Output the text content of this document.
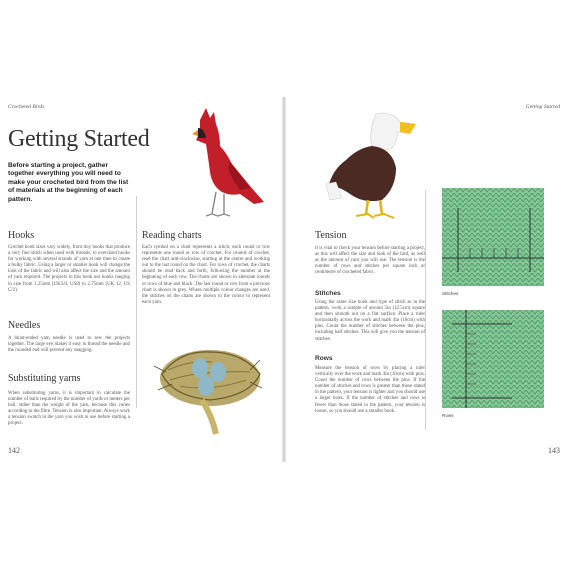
Crocheted Birds
Getting Started

Before starting a project, gather together everything you will need to make your crocheted bird from the list of materials at the beginning of each pattern.

Hooks

Crochet hook sizes vary widely, from tiny hooks that produce a very fine stitch when used with threads, to oversized hooks for working with several strands of yarn at one time to create a bulky fabric. Using a larger or smaller hook will change the look of the fabric and will also affect the size and the amount of yarn required. The projects in this book use hooks ranging in size from 1.25mm (UK3/0, US8) to 2.75mm (UK 12, US C/2).

Needles

A blunt-ended yarn needle is used to sew the projects together. The large eye makes it easy to thread the needle and the rounded end will prevent any snagging.

Substituting yarns

When substituting yarns, it is important to calculate the number of balls required by the number of yards or meters per ball, rather than the weight of the yarn, because this varies according to the fibre. Tension is also important. Always work a tension swatch in the yarn you wish to use before starting a project.

Reading charts

Each symbol on a chart represents a stitch; each round or row represents one round or row of crochet. For rounds of crochet, read the chart anti-clockwise, starting at the centre and working out to the last round on the chart. For rows of crochet, the charts should be read back and forth, following the number at the beginning of each row. The charts are shown in alternate rounds or rows of blue and black. The last round or row from a previous chart is shown in grey. Where multiple colour changes are used, the stitches on the charts are shown in the colour to represent each yarn.

142
Getting Started
Tension

It is vital to check your tension before starting a project, as this will affect the size and look of the bird, as well as the amount of yarn you will use. The tension is the number of rows and stitches per square inch or centimetre of crocheted fabric.

Stitches

Using the same size hook and type of stitch as in the pattern, work a sample of around 5in (12.5cm) square and then smooth out on a flat surface. Place a ruler horizontally across the work and mark 4in (10cm) with pins. Count the number of stitches between the pins, including half stitches. This will give you the tension of stitches.

Rows

Measure the tension of rows by placing a ruler vertically over the work and mark 4in (10cm) with pins. Count the number of rows between the pins. If the number of stitches and rows is greater than those stated in the pattern, your tension is tighter and you should use a larger hook. If the number of stitches and rows is fewer than those stated in the pattern, your tension is looser, so you should use a smaller hook.

Stitches
Rows
143
